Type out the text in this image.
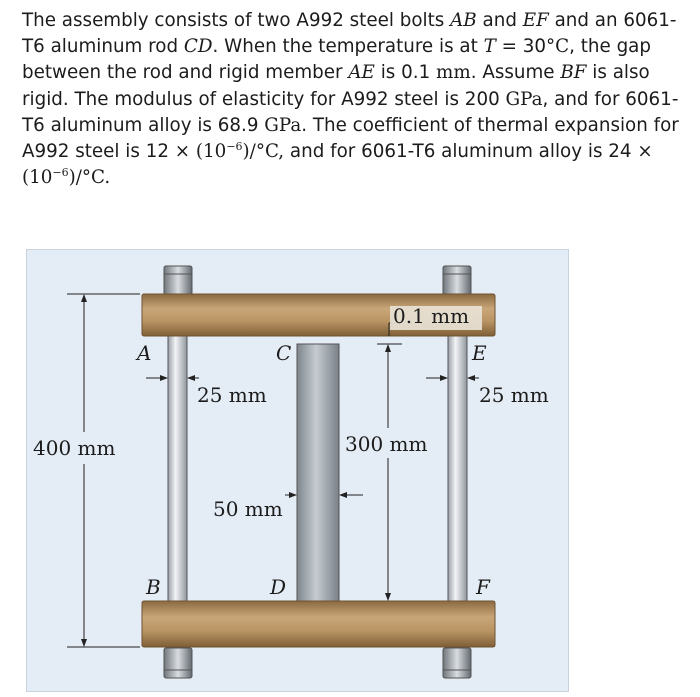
The assembly consists of two A992 steel bolts AB and EF and an 6061-T6 aluminum rod CD. When the temperature is at T = 30°C, the gap between the rod and rigid member AE is 0.1 mm. Assume BF is also rigid. The modulus of elasticity for A992 steel is 200 GPa, and for 6061-T6 aluminum alloy is 68.9 GPa. The coefficient of thermal expansion for A992 steel is $12 \times (10^{-6})/^\circ C$, and for 6061-T6 aluminum alloy is $24 \times (10^{-6})/^\circ C$.

400 mm	300 mm
0.1 mm
25 mm	25 mm
50 mm
A
B
C
D
E
F
